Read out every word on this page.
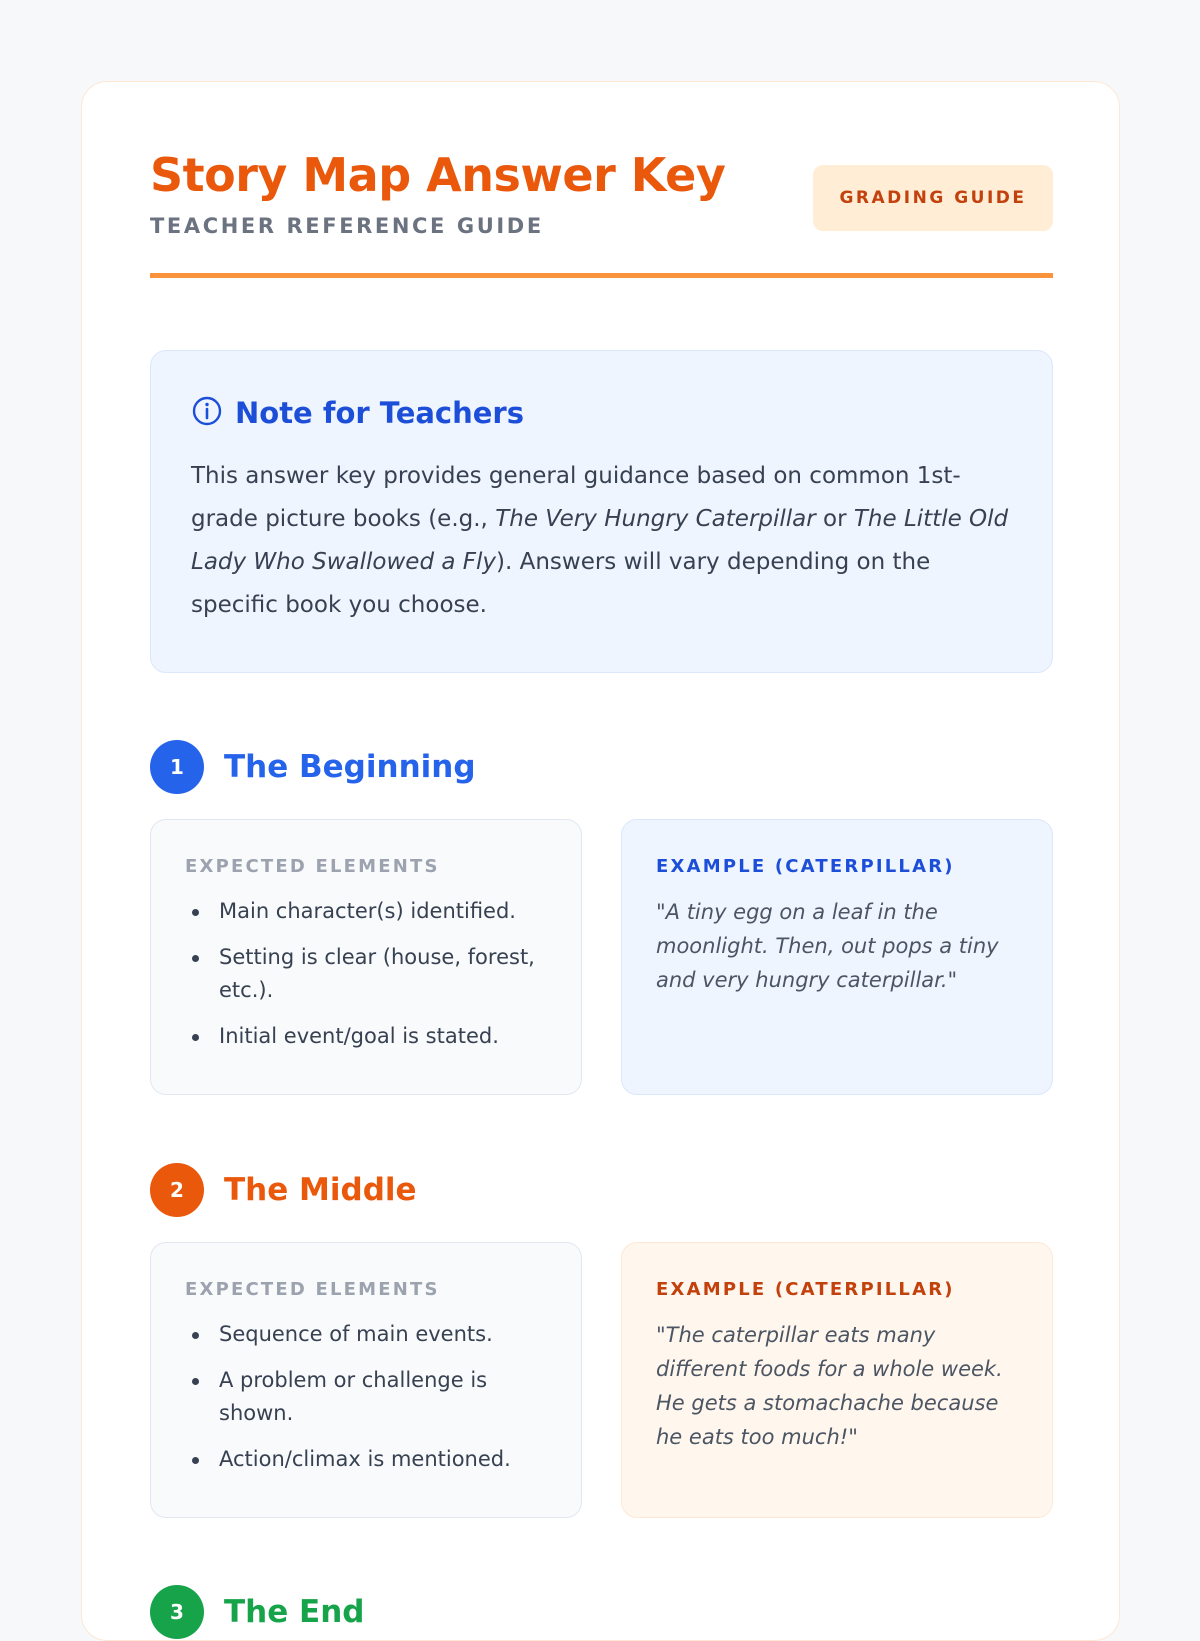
Story Map Answer Key
TEACHER REFERENCE GUIDE
GRADING GUIDE
Note for Teachers

This answer key provides general guidance based on common 1st-grade picture books (e.g., The Very Hungry Caterpillar or The Little Old Lady Who Swallowed a Fly). Answers will vary depending on the specific book you choose.

1	The Beginning
EXPECTED ELEMENTS
Main character(s) identified.
Setting is clear (house, forest, etc.).
Initial event/goal is stated.
EXAMPLE (CATERPILLAR)

"A tiny egg on a leaf in the moonlight. Then, out pops a tiny and very hungry caterpillar."

2	The Middle
EXPECTED ELEMENTS
Sequence of main events.
A problem or challenge is shown.
Action/climax is mentioned.
EXAMPLE (CATERPILLAR)

"The caterpillar eats many different foods for a whole week. He gets a stomachache because he eats too much!"

3	The End
